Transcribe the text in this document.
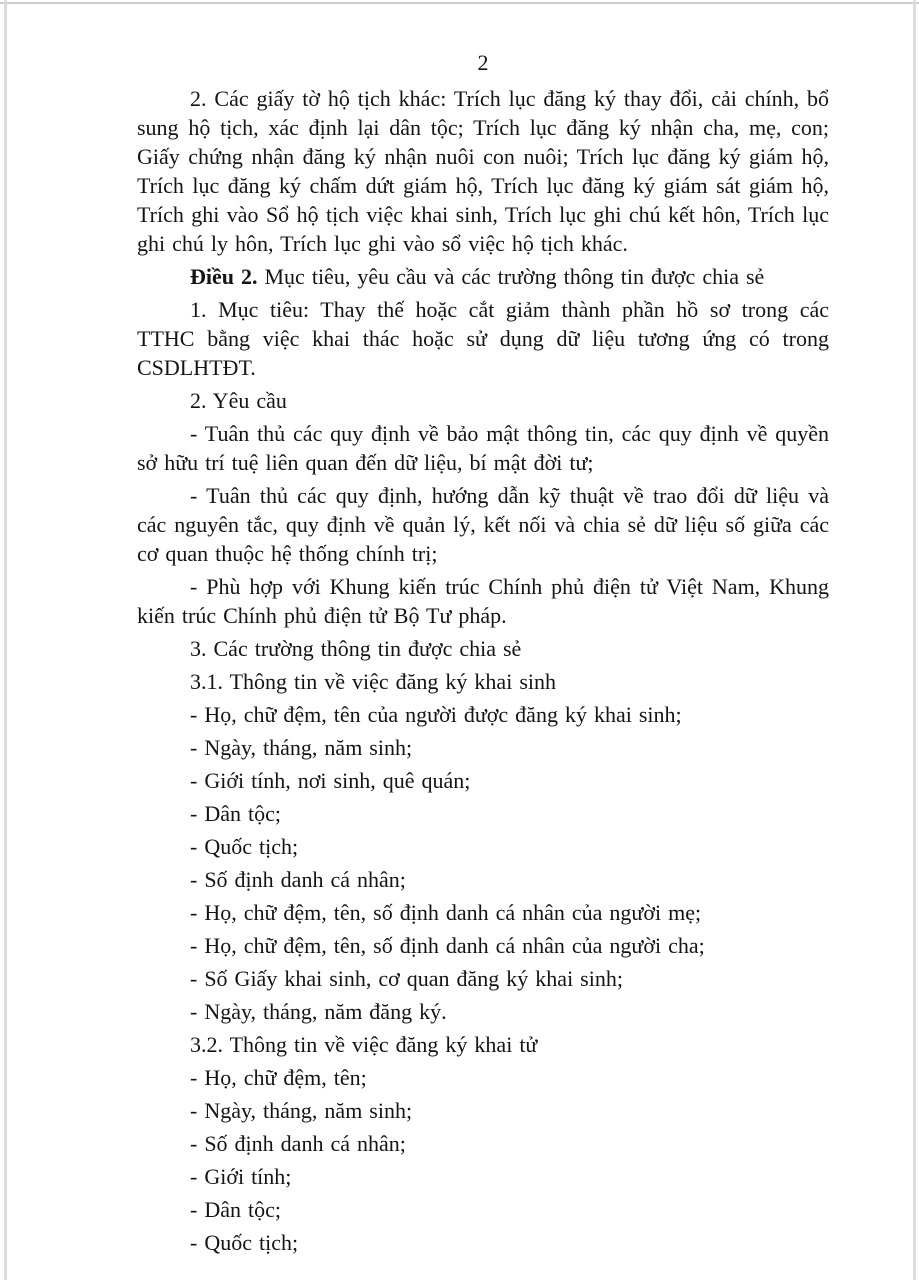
2

2. Các giấy tờ hộ tịch khác: Trích lục đăng ký thay đổi, cải chính, bổ sung hộ tịch, xác định lại dân tộc; Trích lục đăng ký nhận cha, mẹ, con; Giấy chứng nhận đăng ký nhận nuôi con nuôi; Trích lục đăng ký giám hộ, Trích lục đăng ký chấm dứt giám hộ, Trích lục đăng ký giám sát giám hộ, Trích ghi vào Sổ hộ tịch việc khai sinh, Trích lục ghi chú kết hôn, Trích lục ghi chú ly hôn, Trích lục ghi vào sổ việc hộ tịch khác.

Điều 2. Mục tiêu, yêu cầu và các trường thông tin được chia sẻ

1. Mục tiêu: Thay thế hoặc cắt giảm thành phần hồ sơ trong các TTHC bằng việc khai thác hoặc sử dụng dữ liệu tương ứng có trong CSDLHTĐT.

2. Yêu cầu

- Tuân thủ các quy định về bảo mật thông tin, các quy định về quyền sở hữu trí tuệ liên quan đến dữ liệu, bí mật đời tư;

- Tuân thủ các quy định, hướng dẫn kỹ thuật về trao đổi dữ liệu và các nguyên tắc, quy định về quản lý, kết nối và chia sẻ dữ liệu số giữa các cơ quan thuộc hệ thống chính trị;

- Phù hợp với Khung kiến trúc Chính phủ điện tử Việt Nam, Khung kiến trúc Chính phủ điện tử Bộ Tư pháp.

3. Các trường thông tin được chia sẻ

3.1. Thông tin về việc đăng ký khai sinh

- Họ, chữ đệm, tên của người được đăng ký khai sinh;

- Ngày, tháng, năm sinh;

- Giới tính, nơi sinh, quê quán;

- Dân tộc;

- Quốc tịch;

- Số định danh cá nhân;

- Họ, chữ đệm, tên, số định danh cá nhân của người mẹ;

- Họ, chữ đệm, tên, số định danh cá nhân của người cha;

- Số Giấy khai sinh, cơ quan đăng ký khai sinh;

- Ngày, tháng, năm đăng ký.

3.2. Thông tin về việc đăng ký khai tử

- Họ, chữ đệm, tên;

- Ngày, tháng, năm sinh;

- Số định danh cá nhân;

- Giới tính;

- Dân tộc;

- Quốc tịch;
